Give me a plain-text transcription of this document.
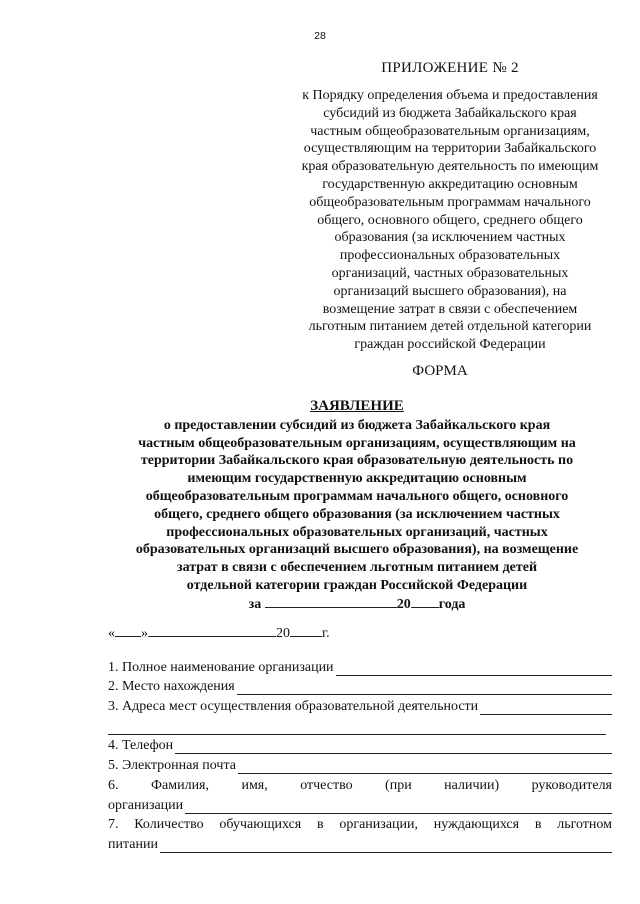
28
ПРИЛОЖЕНИЕ № 2
к Порядку определения объема и предоставления
субсидий из бюджета Забайкальского края
частным общеобразовательным организациям,
осуществляющим на территории Забайкальского
края образовательную деятельность по имеющим
государственную аккредитацию основным
общеобразовательным программам начального
общего, основного общего, среднего общего
образования (за исключением частных
профессиональных образовательных
организаций, частных образовательных
организаций высшего образования), на
возмещение затрат в связи с обеспечением
льготным питанием детей отдельной категории
граждан российской Федерации
ФОРМА
ЗАЯВЛЕНИЕ
о предоставлении субсидий из бюджета Забайкальского края
частным общеобразовательным организациям, осуществляющим на
территории Забайкальского края образовательную деятельность по
имеющим государственную аккредитацию основным
общеобразовательным программам начального общего, основного
общего, среднего общего образования (за исключением частных
профессиональных образовательных организаций, частных
образовательных организаций высшего образования), на возмещение
затрат в связи с обеспечением льготным питанием детей
отдельной категории граждан Российской Федерации
за	20 года
« »	20 г.
1. Полное наименование организации
2. Место нахождения
3. Адреса мест осуществления образовательной деятельности
4. Телефон
5. Электронная почта
6. Фамилия, имя, отчество (при наличии) руководителя
организации
7. Количество обучающихся в организации, нуждающихся в льготном
питании
